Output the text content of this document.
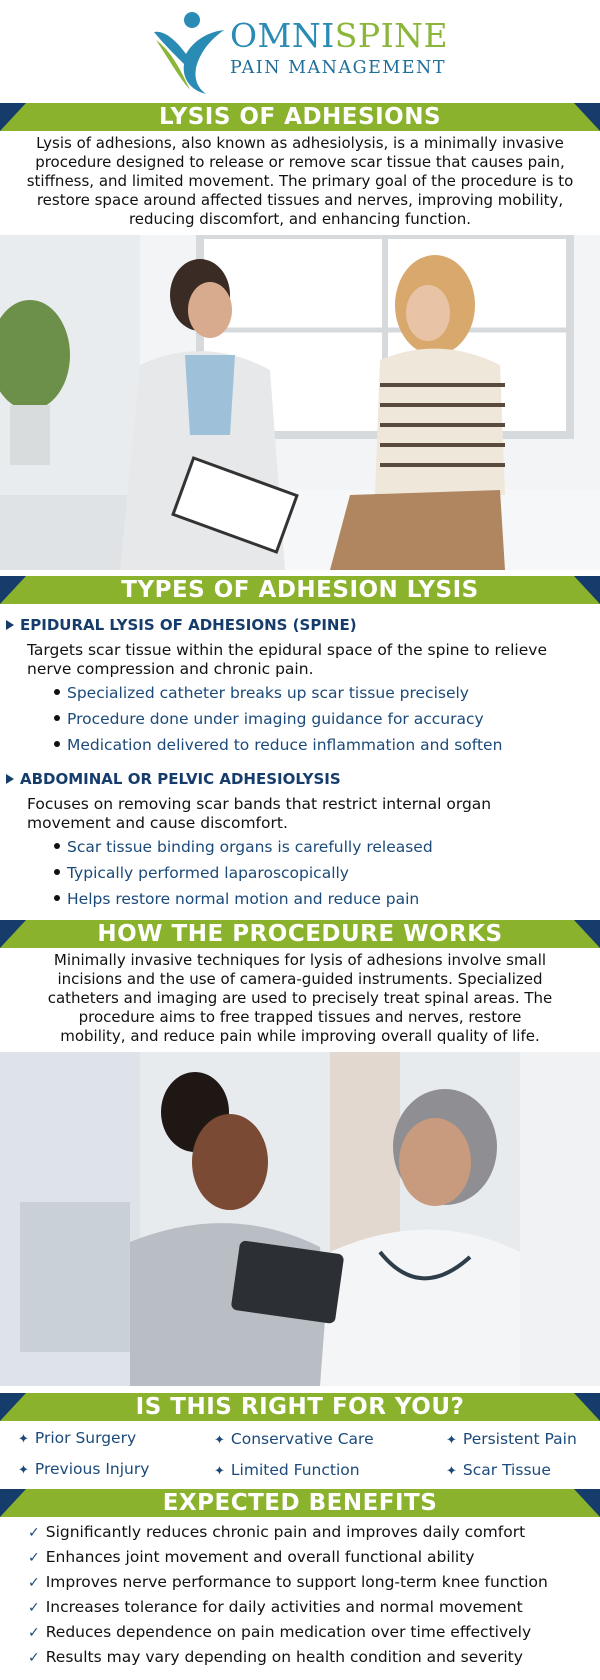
OMNISPINE
PAIN MANAGEMENT
LYSIS OF ADHESIONS
Lysis of adhesions, also known as adhesiolysis, is a minimally invasive
procedure designed to release or remove scar tissue that causes pain,
stiffness, and limited movement. The primary goal of the procedure is to
restore space around affected tissues and nerves, improving mobility,
reducing discomfort, and enhancing function.
TYPES OF ADHESION LYSIS
EPIDURAL LYSIS OF ADHESIONS (SPINE)
Targets scar tissue within the epidural space of the spine to relieve
nerve compression and chronic pain.
Specialized catheter breaks up scar tissue precisely
Procedure done under imaging guidance for accuracy
Medication delivered to reduce inflammation and soften
ABDOMINAL OR PELVIC ADHESIOLYSIS
Focuses on removing scar bands that restrict internal organ
movement and cause discomfort.
Scar tissue binding organs is carefully released
Typically performed laparoscopically
Helps restore normal motion and reduce pain
HOW THE PROCEDURE WORKS
Minimally invasive techniques for lysis of adhesions involve small
incisions and the use of camera-guided instruments. Specialized
catheters and imaging are used to precisely treat spinal areas. The
procedure aims to free trapped tissues and nerves, restore
mobility, and reduce pain while improving overall quality of life.
IS THIS RIGHT FOR YOU?
✦ Prior Surgery	✦ Conservative Care	✦ Persistent Pain
✦ Previous Injury	✦ Limited Function	✦ Scar Tissue
EXPECTED BENEFITS
✓ Significantly reduces chronic pain and improves daily comfort
✓ Enhances joint movement and overall functional ability
✓ Improves nerve performance to support long-term knee function
✓ Increases tolerance for daily activities and normal movement
✓ Reduces dependence on pain medication over time effectively
✓ Results may vary depending on health condition and severity
